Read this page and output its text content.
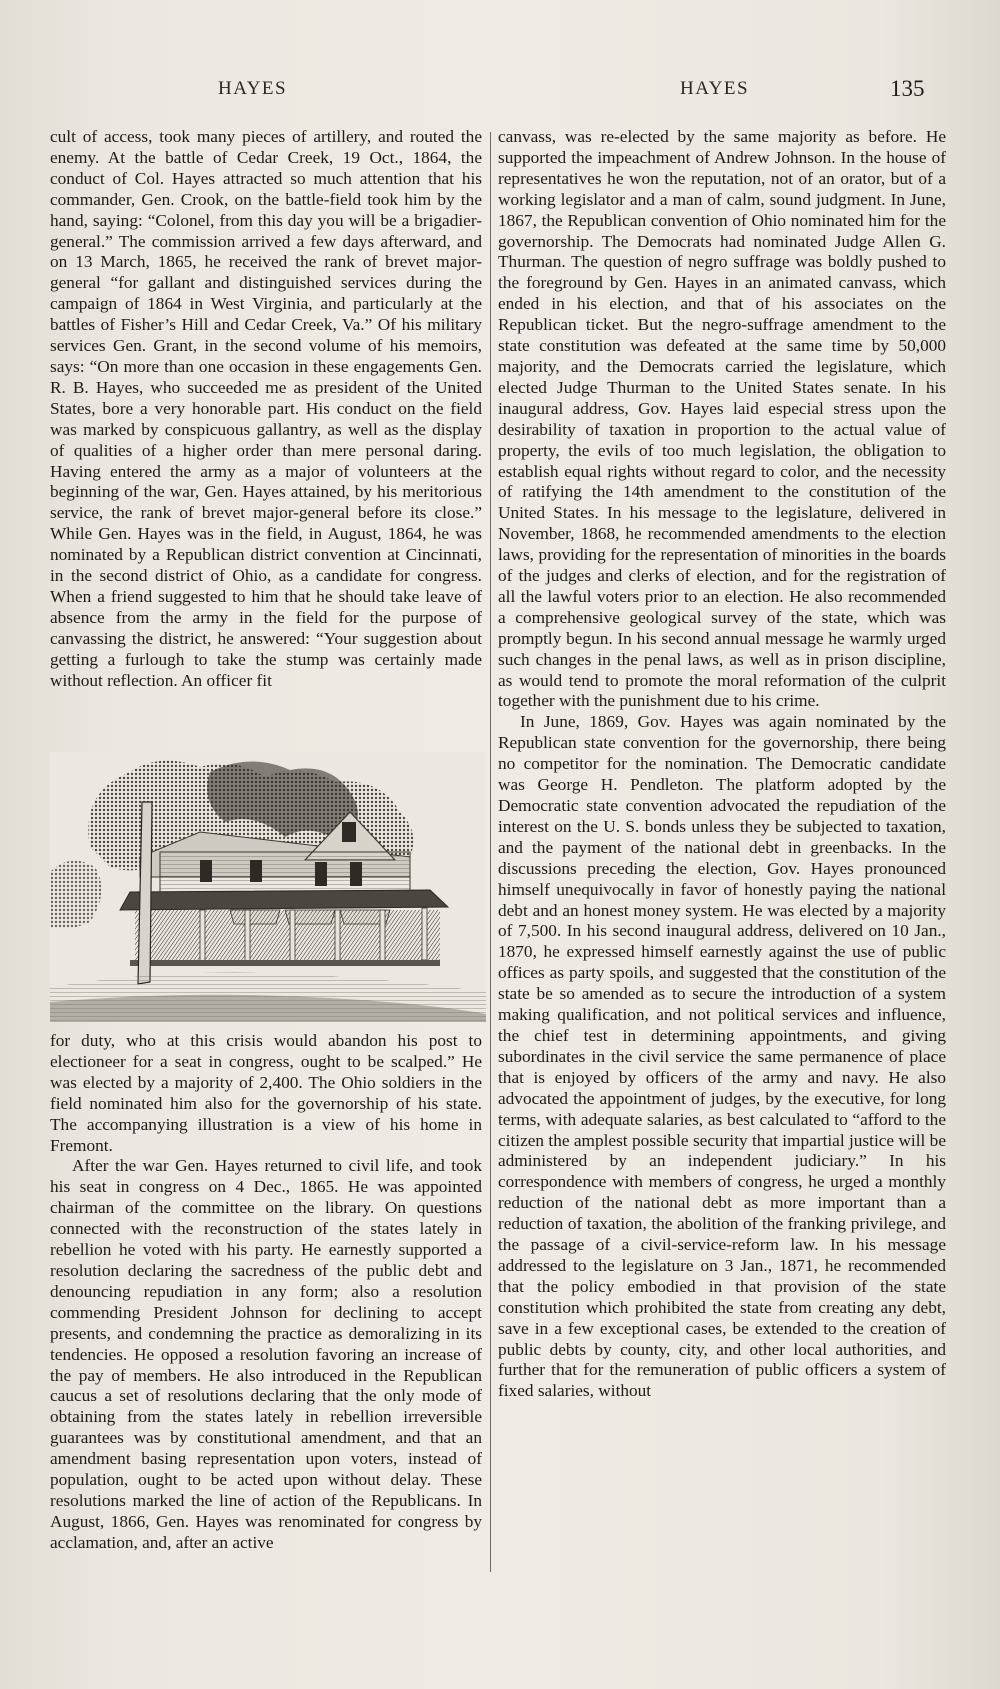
HAYES	HAYES	135

cult of access, took many pieces of artillery, and routed the enemy. At the battle of Cedar Creek, 19 Oct., 1864, the conduct of Col. Hayes attracted so much attention that his commander, Gen. Crook, on the battle-field took him by the hand, saying: “Colonel, from this day you will be a brigadier-general.” The commission arrived a few days afterward, and on 13 March, 1865, he received the rank of brevet major-general “for gallant and distinguished services during the campaign of 1864 in West Virginia, and particularly at the battles of Fisher’s Hill and Cedar Creek, Va.” Of his military services Gen. Grant, in the second volume of his memoirs, says: “On more than one occasion in these engagements Gen. R. B. Hayes, who succeeded me as president of the United States, bore a very honorable part. His conduct on the field was marked by conspicuous gallantry, as well as the display of qualities of a higher order than mere personal daring. Having entered the army as a major of volunteers at the beginning of the war, Gen. Hayes attained, by his meritorious service, the rank of brevet major-general before its close.” While Gen. Hayes was in the field, in August, 1864, he was nominated by a Republican district convention at Cincinnati, in the second district of Ohio, as a candidate for congress. When a friend suggested to him that he should take leave of absence from the army in the field for the purpose of canvassing the district, he answered: “Your suggestion about getting a furlough to take the stump was certainly made without reflection. An officer fit

for duty, who at this crisis would abandon his post to electioneer for a seat in congress, ought to be scalped.” He was elected by a majority of 2,400. The Ohio soldiers in the field nominated him also for the governorship of his state. The accompanying illustration is a view of his home in Fremont.

After the war Gen. Hayes returned to civil life, and took his seat in congress on 4 Dec., 1865. He was appointed chairman of the committee on the library. On questions connected with the reconstruction of the states lately in rebellion he voted with his party. He earnestly supported a resolution declaring the sacredness of the public debt and denouncing repudiation in any form; also a resolution commending President Johnson for declining to accept presents, and condemning the practice as demoralizing in its tendencies. He opposed a resolution favoring an increase of the pay of members. He also introduced in the Republican caucus a set of resolutions declaring that the only mode of obtaining from the states lately in rebellion irreversible guarantees was by constitutional amendment, and that an amendment basing representation upon voters, instead of population, ought to be acted upon without delay. These resolutions marked the line of action of the Republicans. In August, 1866, Gen. Hayes was renominated for congress by acclamation, and, after an active

canvass, was re-elected by the same majority as before. He supported the impeachment of Andrew Johnson. In the house of representatives he won the reputation, not of an orator, but of a working legislator and a man of calm, sound judgment. In June, 1867, the Republican convention of Ohio nominated him for the governorship. The Democrats had nominated Judge Allen G. Thurman. The question of negro suffrage was boldly pushed to the foreground by Gen. Hayes in an animated canvass, which ended in his election, and that of his associates on the Republican ticket. But the negro-suffrage amendment to the state constitution was defeated at the same time by 50,000 majority, and the Democrats carried the legislature, which elected Judge Thurman to the United States senate. In his inaugural address, Gov. Hayes laid especial stress upon the desirability of taxation in proportion to the actual value of property, the evils of too much legislation, the obligation to establish equal rights without regard to color, and the necessity of ratifying the 14th amendment to the constitution of the United States. In his message to the legislature, delivered in November, 1868, he recommended amendments to the election laws, providing for the representation of minorities in the boards of the judges and clerks of election, and for the registration of all the lawful voters prior to an election. He also recommended a comprehensive geological survey of the state, which was promptly begun. In his second annual message he warmly urged such changes in the penal laws, as well as in prison discipline, as would tend to promote the moral reformation of the culprit together with the punishment due to his crime.

In June, 1869, Gov. Hayes was again nominated by the Republican state convention for the governorship, there being no competitor for the nomination. The Democratic candidate was George H. Pendleton. The platform adopted by the Democratic state convention advocated the repudiation of the interest on the U. S. bonds unless they be subjected to taxation, and the payment of the national debt in greenbacks. In the discussions preceding the election, Gov. Hayes pronounced himself unequivocally in favor of honestly paying the national debt and an honest money system. He was elected by a majority of 7,500. In his second inaugural address, delivered on 10 Jan., 1870, he expressed himself earnestly against the use of public offices as party spoils, and suggested that the constitution of the state be so amended as to secure the introduction of a system making qualification, and not political services and influence, the chief test in determining appointments, and giving subordinates in the civil service the same permanence of place that is enjoyed by officers of the army and navy. He also advocated the appointment of judges, by the executive, for long terms, with adequate salaries, as best calculated to “afford to the citizen the amplest possible security that impartial justice will be administered by an independent judiciary.” In his correspondence with members of congress, he urged a monthly reduction of the national debt as more important than a reduction of taxation, the abolition of the franking privilege, and the passage of a civil-service-reform law. In his message addressed to the legislature on 3 Jan., 1871, he recommended that the policy embodied in that provision of the state constitution which prohibited the state from creating any debt, save in a few exceptional cases, be extended to the creation of public debts by county, city, and other local authorities, and further that for the remuneration of public officers a system of fixed salaries, without
